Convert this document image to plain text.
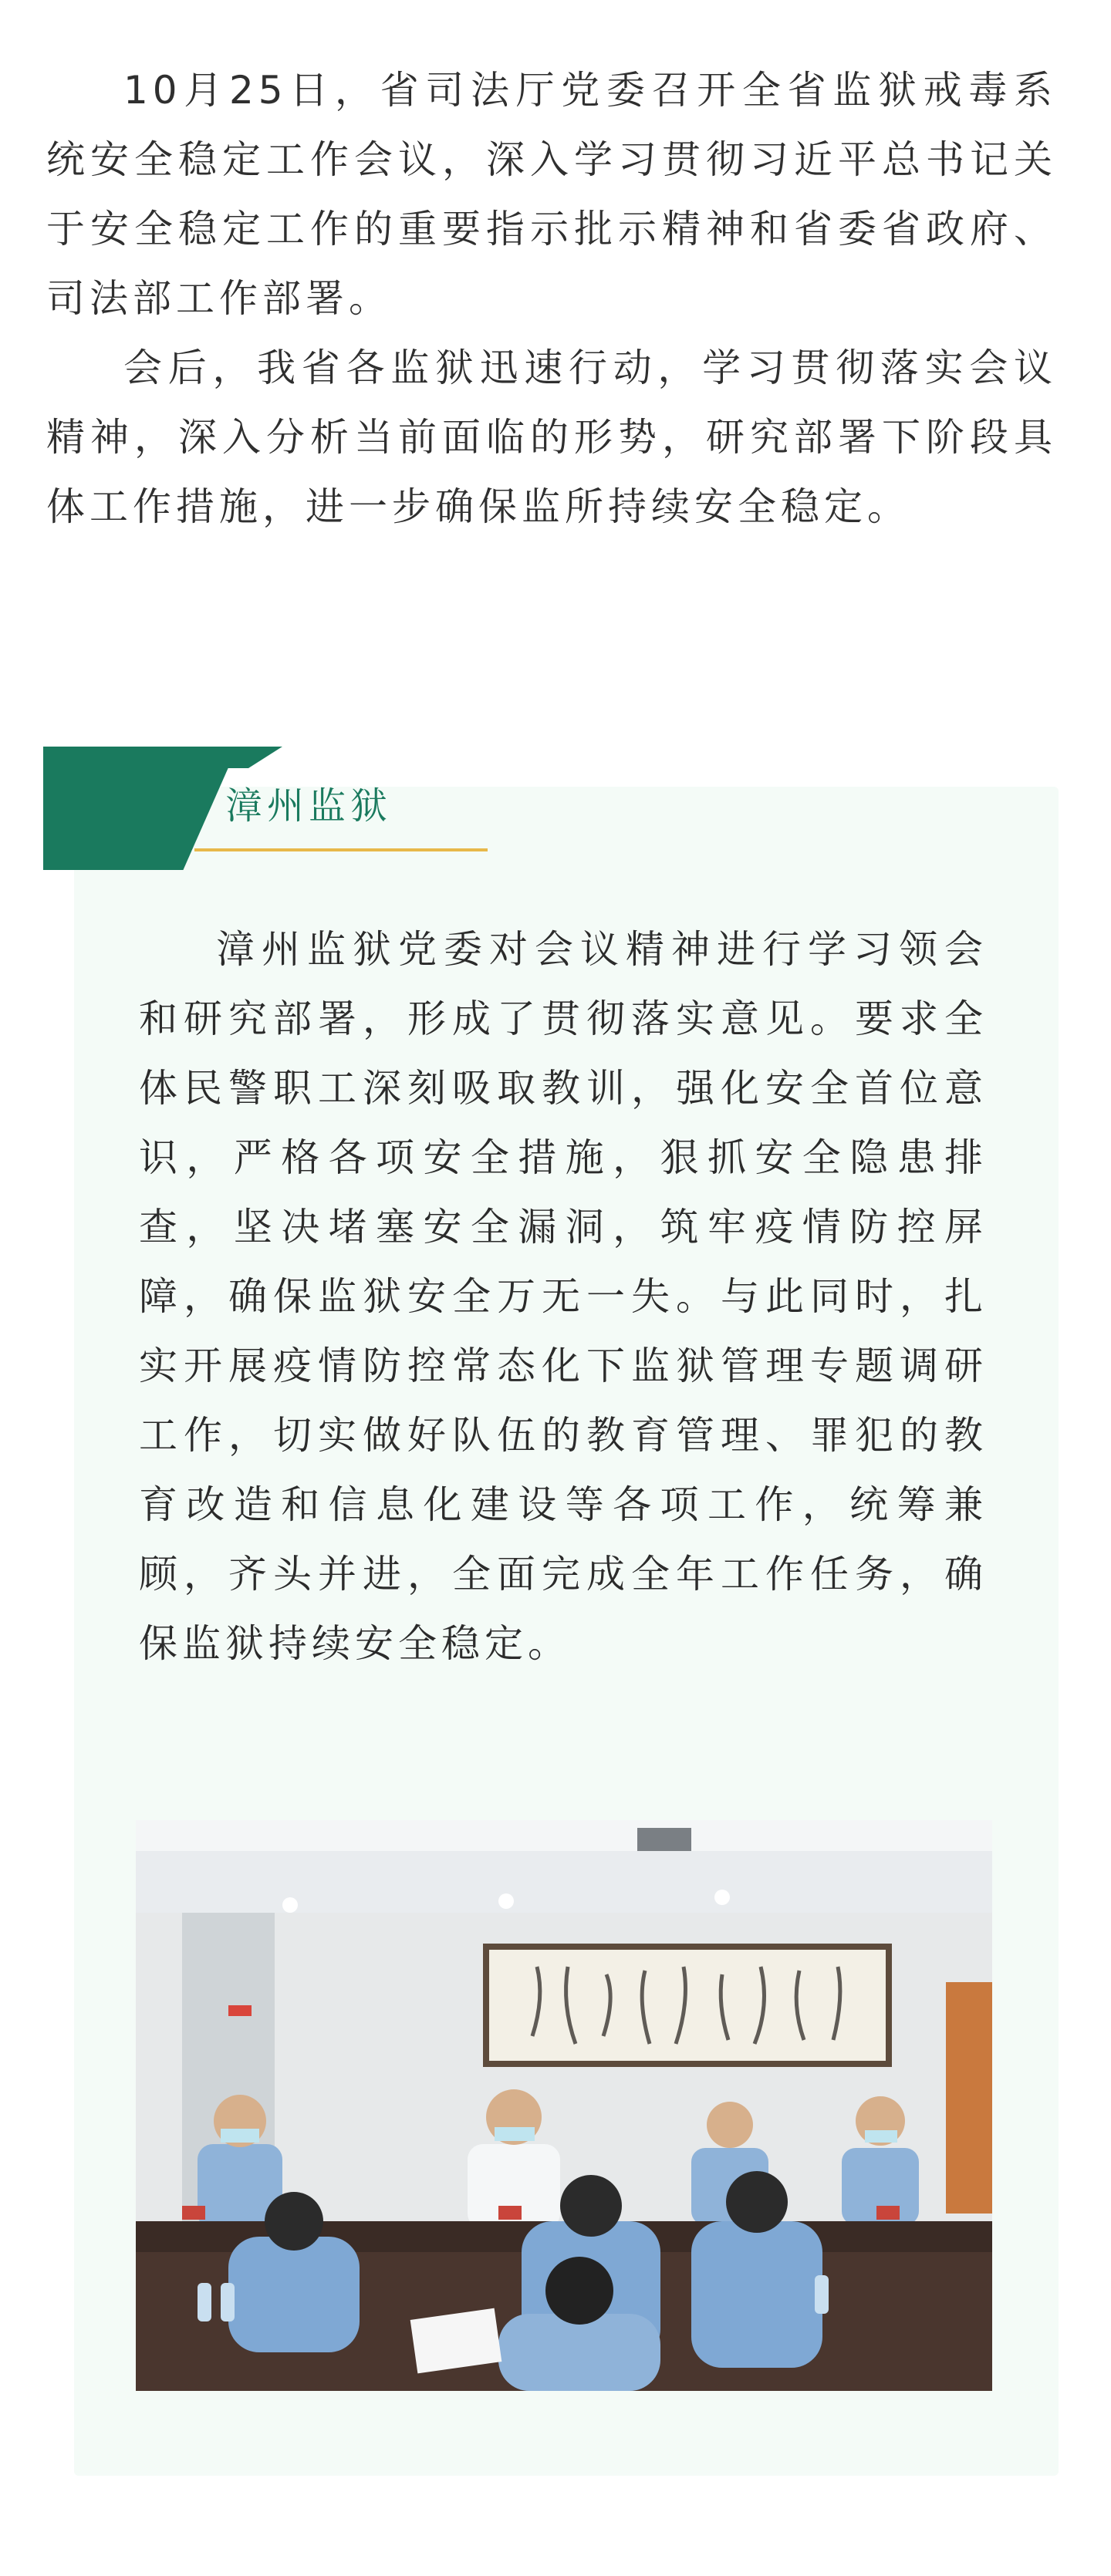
10月25日，省司法厅党委召开全省监狱戒毒系统安全稳定工作会议，深入学习贯彻习近平总书记关于安全稳定工作的重要指示批示精神和省委省政府、司法部工作部署。

会后，我省各监狱迅速行动，学习贯彻落实会议精神，深入分析当前面临的形势，研究部署下阶段具体工作措施，进一步确保监所持续安全稳定。

漳州监狱

漳州监狱党委对会议精神进行学习领会和研究部署，形成了贯彻落实意见。要求全体民警职工深刻吸取教训，强化安全首位意识，严格各项安全措施，狠抓安全隐患排查，坚决堵塞安全漏洞，筑牢疫情防控屏障，确保监狱安全万无一失。与此同时，扎实开展疫情防控常态化下监狱管理专题调研工作，切实做好队伍的教育管理、罪犯的教育改造和信息化建设等各项工作，统筹兼顾，齐头并进，全面完成全年工作任务，确保监狱持续安全稳定。
